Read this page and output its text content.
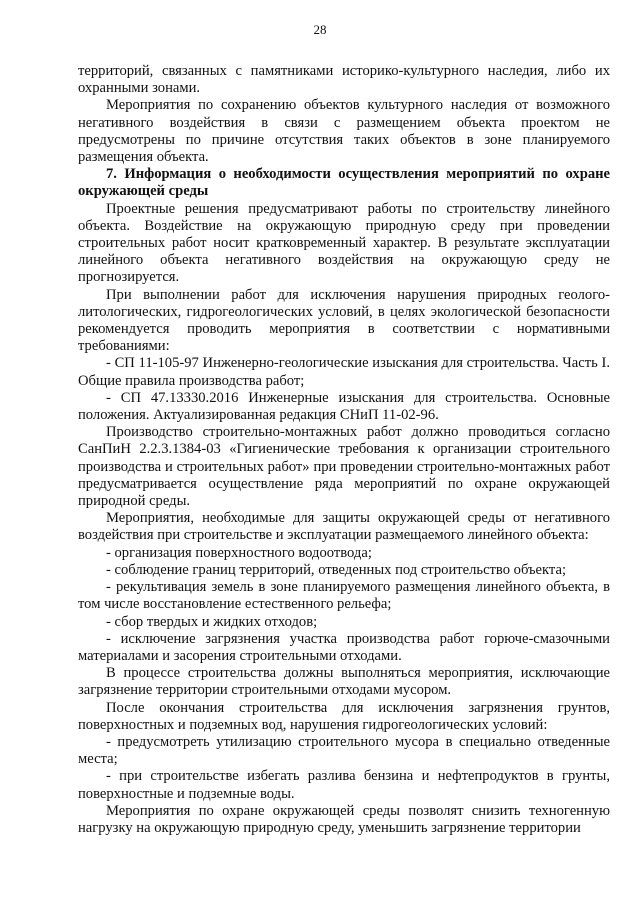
28

территорий, связанных с памятниками историко-культурного наследия, либо их охранными зонами.

Мероприятия по сохранению объектов культурного наследия от возможного негативного воздействия в связи с размещением объекта проектом не предусмотрены по причине отсутствия таких объектов в зоне планируемого размещения объекта.

7. Информация о необходимости осуществления мероприятий по охране окружающей среды

Проектные решения предусматривают работы по строительству линейного объекта. Воздействие на окружающую природную среду при проведении строительных работ носит кратковременный характер. В результате эксплуатации линейного объекта негативного воздействия на окружающую среду не прогнозируется.

При выполнении работ для исключения нарушения природных геолого-литологических, гидрогеологических условий, в целях экологической безопасности рекомендуется проводить мероприятия в соответствии с нормативными требованиями:

- СП 11-105-97 Инженерно-геологические изыскания для строительства. Часть I. Общие правила производства работ;

- СП 47.13330.2016 Инженерные изыскания для строительства. Основные положения. Актуализированная редакция СНиП 11-02-96.

Производство строительно-монтажных работ должно проводиться согласно СанПиН 2.2.3.1384-03 «Гигиенические требования к организации строительного производства и строительных работ» при проведении строительно-монтажных работ предусматривается осуществление ряда мероприятий по охране окружающей природной среды.

Мероприятия, необходимые для защиты окружающей среды от негативного воздействия при строительстве и эксплуатации размещаемого линейного объекта:

- организация поверхностного водоотвода;

- соблюдение границ территорий, отведенных под строительство объекта;

- рекультивация земель в зоне планируемого размещения линейного объекта, в том числе восстановление естественного рельефа;

- сбор твердых и жидких отходов;

- исключение загрязнения участка производства работ горюче-смазочными материалами и засорения строительными отходами.

В процессе строительства должны выполняться мероприятия, исключающие загрязнение территории строительными отходами мусором.

После окончания строительства для исключения загрязнения грунтов, поверхностных и подземных вод, нарушения гидрогеологических условий:

- предусмотреть утилизацию строительного мусора в специально отведенные места;

- при строительстве избегать разлива бензина и нефтепродуктов в грунты, поверхностные и подземные воды.

Мероприятия по охране окружающей среды позволят снизить техногенную нагрузку на окружающую природную среду, уменьшить загрязнение территории
